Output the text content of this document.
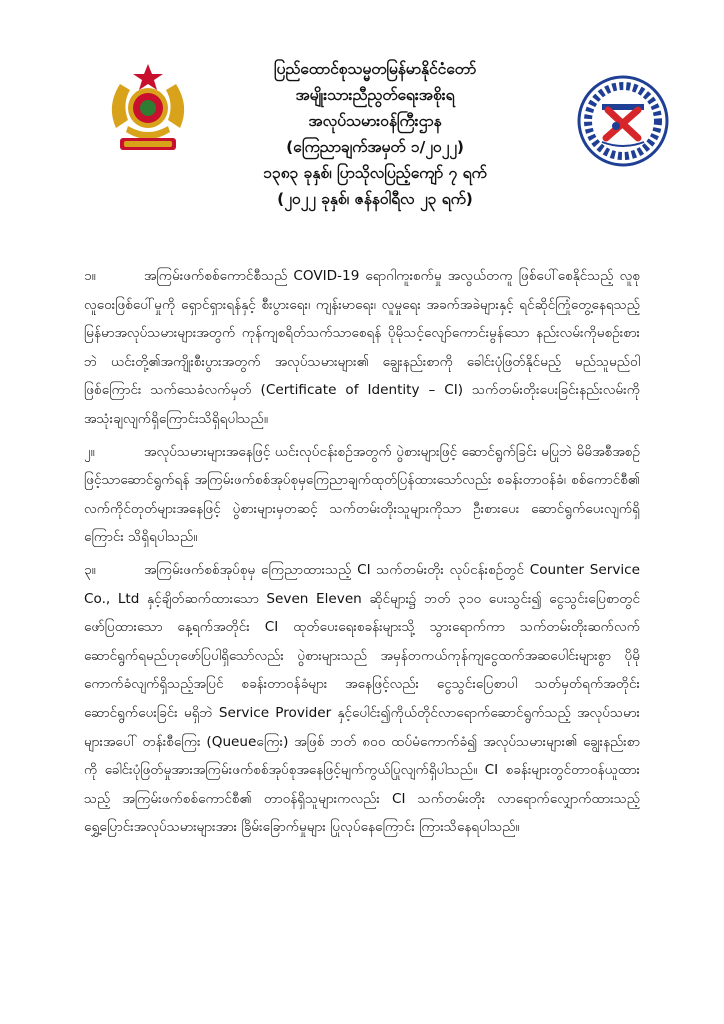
ပြည်ထောင်စုသမ္မတမြန်မာနိုင်ငံတော်
အမျိုးသားညီညွတ်ရေးအစိုးရ
အလုပ်သမားဝန်ကြီးဌာန
(ကြေညာချက်အမှတ် ၁/၂၀၂၂)
၁၃၈၃ ခုနှစ်၊ ပြာသိုလပြည့်ကျော် ၇ ရက်
(၂၀၂၂ ခုနှစ်၊ ဇန်နဝါရီလ ၂၃ ရက်)

၁။	အကြမ်းဖက်စစ်ကောင်စီသည် COVID-19 ရောဂါကူးစက်မှု အလွယ်တကူ ဖြစ်ပေါ်စေနိုင်သည့် လူစုလူဝေးဖြစ်ပေါ်မှုကို ရှောင်ရှားရန်နှင့် စီးပွားရေး၊ ကျန်းမာရေး၊ လူမှုရေး အခက်အခဲများနှင့် ရင်ဆိုင်ကြုံတွေ့နေရသည့် မြန်မာအလုပ်သမားများအတွက် ကုန်ကျစရိတ်သက်သာစေရန် ပိုမိုသင့်လျော်ကောင်းမွန်သော နည်းလမ်းကိုမစဉ်းစားဘဲ ယင်းတို့၏အကျိုးစီးပွားအတွက် အလုပ်သမားများ၏ ချွေးနည်းစာကို ခေါင်းပုံဖြတ်နိုင်မည့် မည်သူမည်ဝါ ဖြစ်ကြောင်း သက်သေခံလက်မှတ် (Certificate of Identity – CI) သက်တမ်းတိုးပေးခြင်းနည်းလမ်းကို အသုံးချလျက်ရှိကြောင်းသိရှိရပါသည်။

၂။	အလုပ်သမားများအနေဖြင့် ယင်းလုပ်ငန်းစဉ်အတွက် ပွဲစားများဖြင့် ဆောင်ရွက်ခြင်း မပြုဘဲ မိမိအစီအစဉ်ဖြင့်သာဆောင်ရွက်ရန် အကြမ်းဖက်စစ်အုပ်စုမှကြေညာချက်ထုတ်ပြန်ထားသော်လည်း စခန်းတာဝန်ခံ၊ စစ်ကောင်စီ၏ လက်ကိုင်တုတ်များအနေဖြင့် ပွဲစားများမှတဆင့် သက်တမ်းတိုးသူများကိုသာ ဦးစားပေး ဆောင်ရွက်ပေးလျက်ရှိကြောင်း သိရှိရပါသည်။

၃။	အကြမ်းဖက်စစ်အုပ်စုမှ ကြေညာထားသည့် CI သက်တမ်းတိုး လုပ်ငန်းစဉ်တွင် Counter Service Co., Ltd နှင့်ချိတ်ဆက်ထားသော Seven Eleven ဆိုင်များ၌ ဘတ် ၃၁၀ ပေးသွင်း၍ ငွေသွင်းပြေစာတွင်ဖော်ပြထားသော နေ့ရက်အတိုင်း CI ထုတ်ပေးရေးစခန်းများသို့ သွားရောက်ကာ သက်တမ်းတိုးဆက်လက်ဆောင်ရွက်ရမည်ဟုဖော်ပြပါရှိသော်လည်း ပွဲစားများသည် အမှန်တကယ်ကုန်ကျငွေထက်အဆပေါင်းများစွာ ပိုမိုကောက်ခံလျက်ရှိသည့်အပြင် စခန်းတာဝန်ခံများ အနေဖြင့်လည်း ငွေသွင်းပြေစာပါ သတ်မှတ်ရက်အတိုင်း ဆောင်ရွက်ပေးခြင်း မရှိဘဲ Service Provider နှင့်ပေါင်း၍ကိုယ်တိုင်လာရောက်ဆောင်ရွက်သည့် အလုပ်သမားများအပေါ် တန်းစီကြေး (Queueကြေး) အဖြစ် ဘတ် ၈၀၀ ထပ်မံကောက်ခံ၍ အလုပ်သမားများ၏ ချွေးနည်းစာကို ခေါင်းပုံဖြတ်မှုအားအကြမ်းဖက်စစ်အုပ်စုအနေဖြင့်မျက်ကွယ်ပြုလျက်ရှိပါသည်။ CI စခန်းများတွင်တာဝန်ယူထားသည့် အကြမ်းဖက်စစ်ကောင်စီ၏ တာဝန်ရှိသူများကလည်း CI သက်တမ်းတိုး လာရောက်လျှောက်ထားသည့်ရွှေ့ပြောင်းအလုပ်သမားများအား ခြိမ်းခြောက်မှုများ ပြုလုပ်နေကြောင်း ကြားသိနေရပါသည်။
